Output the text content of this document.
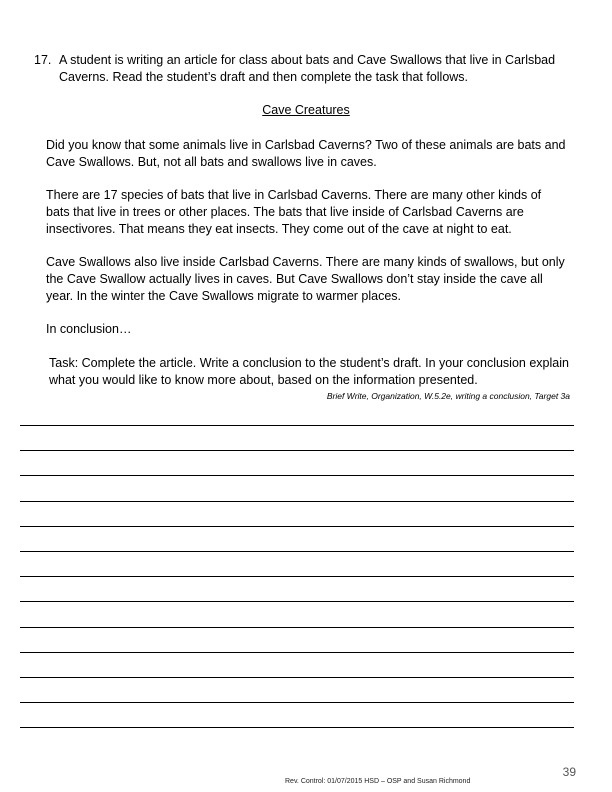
17. A student is writing an article for class about bats and Cave Swallows that live in Carlsbad Caverns. Read the student’s draft and then complete the task that follows.
Cave Creatures
Did you know that some animals live in Carlsbad Caverns? Two of these animals are bats and Cave Swallows. But, not all bats and swallows live in caves.
There are 17 species of bats that live in Carlsbad Caverns. There are many other kinds of bats that live in trees or other places. The bats that live inside of Carlsbad Caverns are insectivores. That means they eat insects. They come out of the cave at night to eat.
Cave Swallows also live inside Carlsbad Caverns. There are many kinds of swallows, but only the Cave Swallow actually lives in caves. But Cave Swallows don’t stay inside the cave all year. In the winter the Cave Swallows migrate to warmer places.
In conclusion…
Task: Complete the article. Write a conclusion to the student’s draft. In your conclusion explain what you would like to know more about, based on the information presented.
Brief Write, Organization, W.5.2e, writing a conclusion, Target 3a
39
Rev. Control: 01/07/2015 HSD – OSP and Susan Richmond
